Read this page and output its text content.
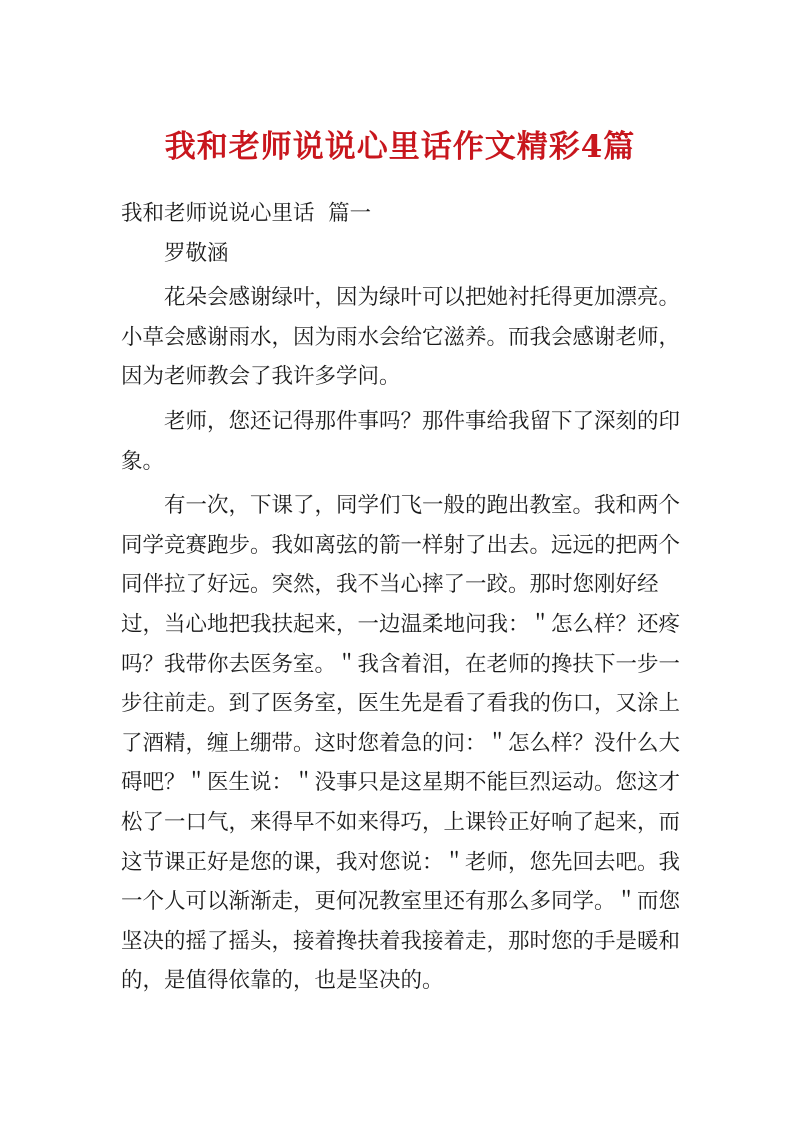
我和老师说说心里话作文精彩4篇

我和老师说说心里话  篇一

罗敬涵

花朵会感谢绿叶，因为绿叶可以把她衬托得更加漂亮。小草会感谢雨水，因为雨水会给它滋养。而我会感谢老师，因为老师教会了我许多学问。

老师，您还记得那件事吗？那件事给我留下了深刻的印象。

有一次，下课了，同学们飞一般的跑出教室。我和两个同学竞赛跑步。我如离弦的箭一样射了出去。远远的把两个同伴拉了好远。突然，我不当心摔了一跤。那时您刚好经过，当心地把我扶起来，一边温柔地问我：＂怎么样？还疼吗？我带你去医务室。＂我含着泪，在老师的搀扶下一步一步往前走。到了医务室，医生先是看了看我的伤口，又涂上了酒精，缠上绷带。这时您着急的问：＂怎么样？没什么大碍吧？＂医生说：＂没事只是这星期不能巨烈运动。您这才松了一口气，来得早不如来得巧，上课铃正好响了起来，而这节课正好是您的课，我对您说：＂老师，您先回去吧。我一个人可以渐渐走，更何况教室里还有那么多同学。＂而您坚决的摇了摇头，接着搀扶着我接着走，那时您的手是暖和的，是值得依靠的，也是坚决的。
